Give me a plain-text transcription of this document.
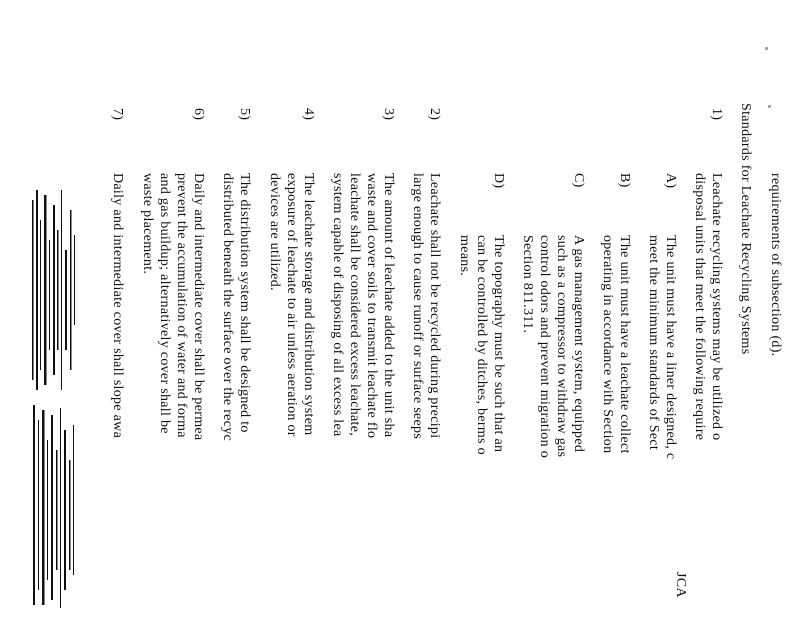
JCA
requirements of subsection (d).
Standards for Leachate Recycling Systems
1)
Leachate recycling systems may be utilized o
disposal units that meet the following require
A)
The unit must have a liner designed, c
meet the minimum standards of Sect
B)
The unit must have a leachate collect
operating in accordance with Section
C)
A gas management system, equipped
such as a compressor to withdraw gas
control odors and prevent migration o
Section 811.311.
D)
The topography must be such that an
can be controlled by ditches, berms o
means.
2)
Leachate shall not be recycled during precipi
large enough to cause runoff or surface seeps
3)
The amount of leachate added to the unit sha
waste and cover soils to transmit leachate flo
leachate shall be considered excess leachate,
system capable of disposing of all excess lea
4)
The leachate storage and distribution system
exposure of leachate to air unless aeration or
devices are utilized.
5)
The distribution system shall be designed to
distributed beneath the surface over the recyc
6)
Daily and intermediate cover shall be permea
prevent the accumulation of water and forma
and gas buildup; alternatively cover shall be
waste placement.
7)
Daily and intermediate cover shall slope awa
